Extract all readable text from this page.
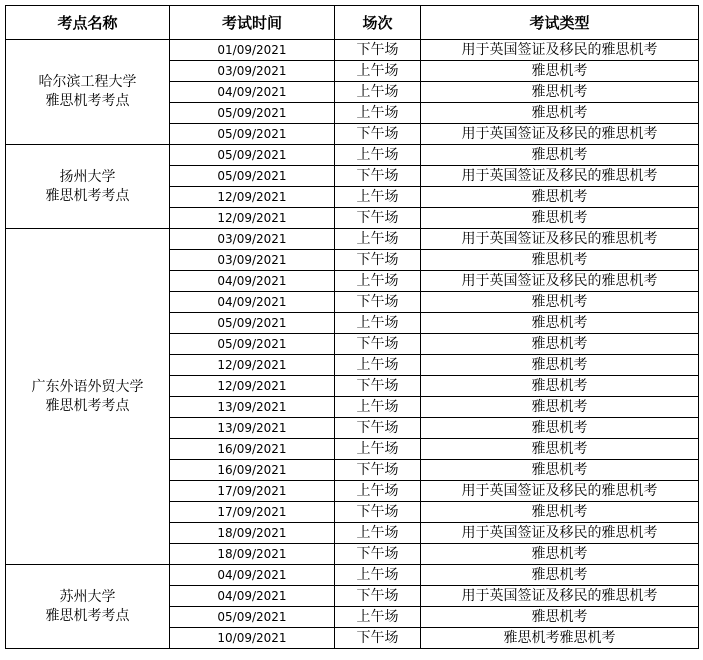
考点名称	考试时间	场次	考试类型

哈尔滨工程大学
雅思机考考点	01/09/2021	下午场	用于英国签证及移民的雅思机考
	03/09/2021	上午场	雅思机考
	04/09/2021	上午场	雅思机考
	05/09/2021	上午场	雅思机考
	05/09/2021	下午场	用于英国签证及移民的雅思机考

扬州大学
雅思机考考点	05/09/2021	上午场	雅思机考
	05/09/2021	下午场	用于英国签证及移民的雅思机考
	12/09/2021	上午场	雅思机考
	12/09/2021	下午场	雅思机考

广东外语外贸大学
雅思机考考点	03/09/2021	上午场	用于英国签证及移民的雅思机考
	03/09/2021	下午场	雅思机考
	04/09/2021	上午场	用于英国签证及移民的雅思机考
	04/09/2021	下午场	雅思机考
	05/09/2021	上午场	雅思机考
	05/09/2021	下午场	雅思机考
	12/09/2021	上午场	雅思机考
	12/09/2021	下午场	雅思机考
	13/09/2021	上午场	雅思机考
	13/09/2021	下午场	雅思机考
	16/09/2021	上午场	雅思机考
	16/09/2021	下午场	雅思机考
	17/09/2021	上午场	用于英国签证及移民的雅思机考
	17/09/2021	下午场	雅思机考
	18/09/2021	上午场	用于英国签证及移民的雅思机考
	18/09/2021	下午场	雅思机考

苏州大学
雅思机考考点	04/09/2021	上午场	雅思机考
	04/09/2021	下午场	用于英国签证及移民的雅思机考
	05/09/2021	上午场	雅思机考
	10/09/2021	下午场	雅思机考雅思机考
